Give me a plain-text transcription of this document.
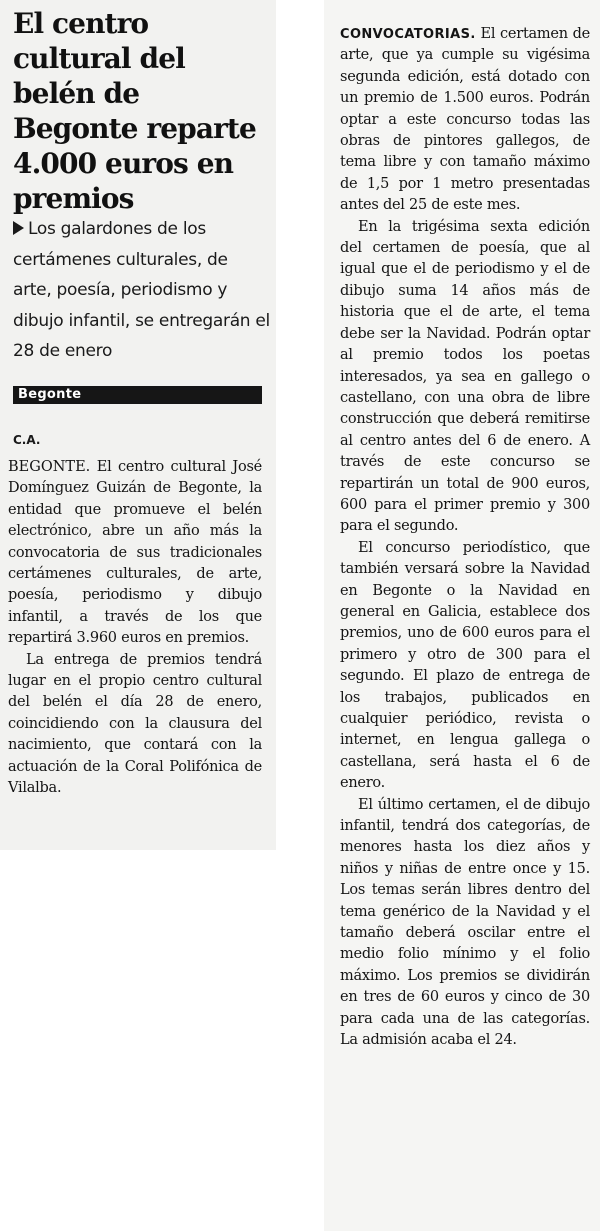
El centro cultural del belén de Begonte reparte 4.000 euros en premios

Los galardones de los certámenes culturales, de arte, poesía, periodismo y dibujo infantil, se entregarán el 28 de enero

Begonte
C.A.

BEGONTE. El centro cultural José Domínguez Guizán de Begonte, la entidad que promueve el belén electrónico, abre un año más la convocatoria de sus tradicionales certámenes culturales, de arte, poesía, periodismo y dibujo infantil, a través de los que repartirá 3.960 euros en premios.

La entrega de premios tendrá lugar en el propio centro cultural del belén el día 28 de enero, coincidiendo con la clausura del nacimiento, que contará con la actuación de la Coral Polifónica de Vilalba.

CONVOCATORIAS. El certamen de arte, que ya cumple su vigésima segunda edición, está dotado con un premio de 1.500 euros. Podrán optar a este concurso todas las obras de pintores gallegos, de tema libre y con tamaño máximo de 1,5 por 1 metro presentadas antes del 25 de este mes.

En la trigésima sexta edición del certamen de poesía, que al igual que el de periodismo y el de dibujo suma 14 años más de historia que el de arte, el tema debe ser la Navidad. Podrán optar al premio todos los poetas interesados, ya sea en gallego o castellano, con una obra de libre construcción que deberá remitirse al centro antes del 6 de enero. A través de este concurso se repartirán un total de 900 euros, 600 para el primer premio y 300 para el segundo.

El concurso periodístico, que también versará sobre la Navidad en Begonte o la Navidad en general en Galicia, establece dos premios, uno de 600 euros para el primero y otro de 300 para el segundo. El plazo de entrega de los trabajos, publicados en cualquier periódico, revista o internet, en lengua gallega o castellana, será hasta el 6 de enero.

El último certamen, el de dibujo infantil, tendrá dos categorías, de menores hasta los diez años y niños y niñas de entre once y 15. Los temas serán libres dentro del tema genérico de la Navidad y el tamaño deberá oscilar entre el medio folio mínimo y el folio máximo. Los premios se dividirán en tres de 60 euros y cinco de 30 para cada una de las categorías. La admisión acaba el 24.
